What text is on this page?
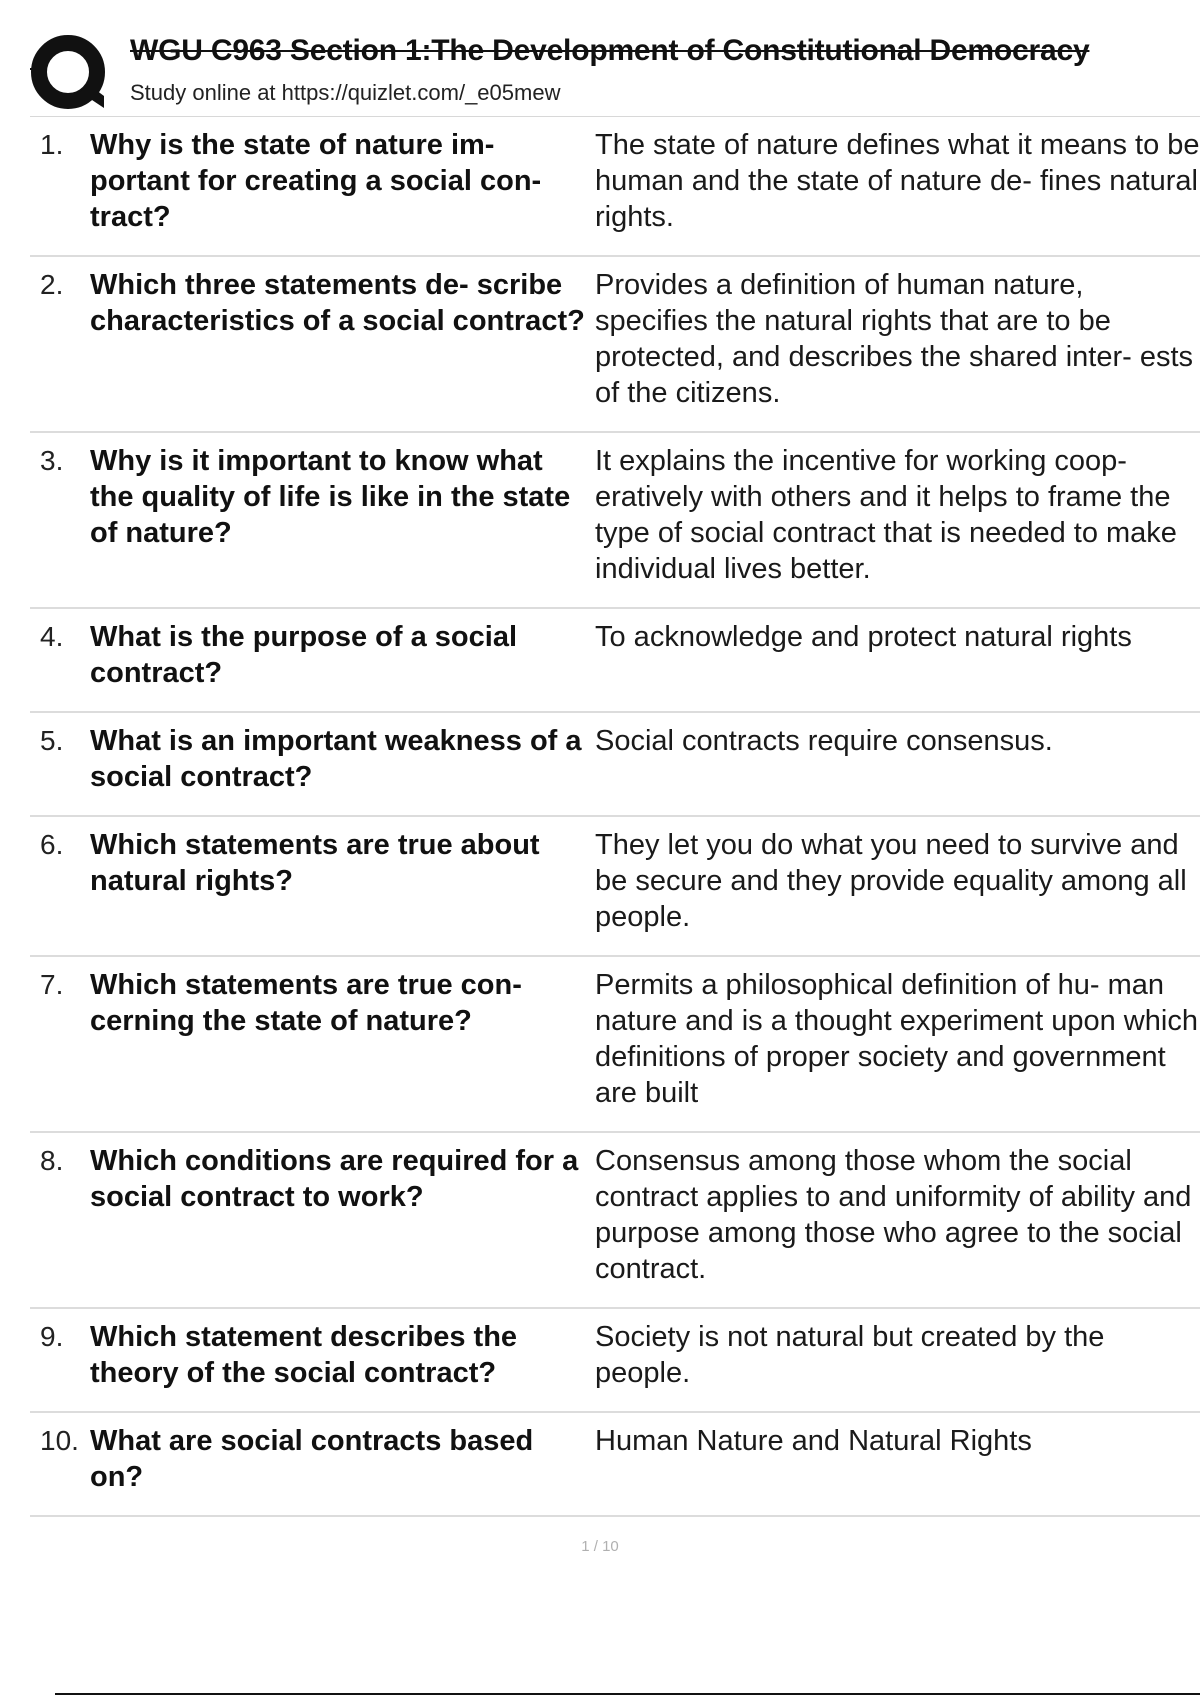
WGU C963 Section 1:The Development of Constitutional Democracy
Study online at https://quizlet.com/_e05mew
1. Why is the state of nature im- portant for creating a social con- tract?
The state of nature defines what it means to be human and the state of nature de- fines natural rights.
2. Which three statements de- scribe characteristics of a social contract?
Provides a definition of human nature, specifies the natural rights that are to be protected, and describes the shared inter- ests of the citizens.
3. Why is it important to know what the quality of life is like in the state of nature?
It explains the incentive for working coop- eratively with others and it helps to frame the type of social contract that is needed to make individual lives better.
4. What is the purpose of a social contract?
To acknowledge and protect natural rights
5. What is an important weakness of a social contract?
Social contracts require consensus.
6. Which statements are true about natural rights?
They let you do what you need to survive and be secure and they provide equality among all people.
7. Which statements are true con- cerning the state of nature?
Permits a philosophical definition of hu- man nature and is a thought experiment upon which definitions of proper society and government are built
8. Which conditions are required for a social contract to work?
Consensus among those whom the social contract applies to and uniformity of ability and purpose among those who agree to the social contract.
9. Which statement describes the theory of the social contract?
Society is not natural but created by the people.
10. What are social contracts based on?
Human Nature and Natural Rights
1 / 10
